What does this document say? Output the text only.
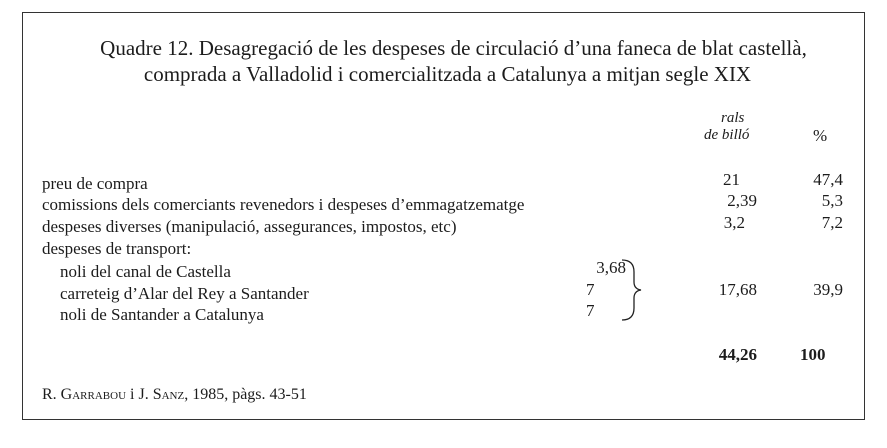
Quadre 12. Desagregació de les despeses de circulació d’una faneca de blat castellà,
comprada a Valladolid i comercialitzada a Catalunya a mitjan segle XIX
rals
de billó	%
preu de compra	21	47,4
comissions dels comerciants revenedors i despeses d’emmagatzematge	2,39	5,3
despeses diverses (manipulació, assegurances, impostos, etc)	3,2	7,2
despeses de transport:
noli del canal de Castella	3,68
carreteig d’Alar del Rey a Santander	7
noli de Santander a Catalunya	7
17,68	39,9
44,26	100
R. Garrabou i J. Sanz, 1985, pàgs. 43-51
